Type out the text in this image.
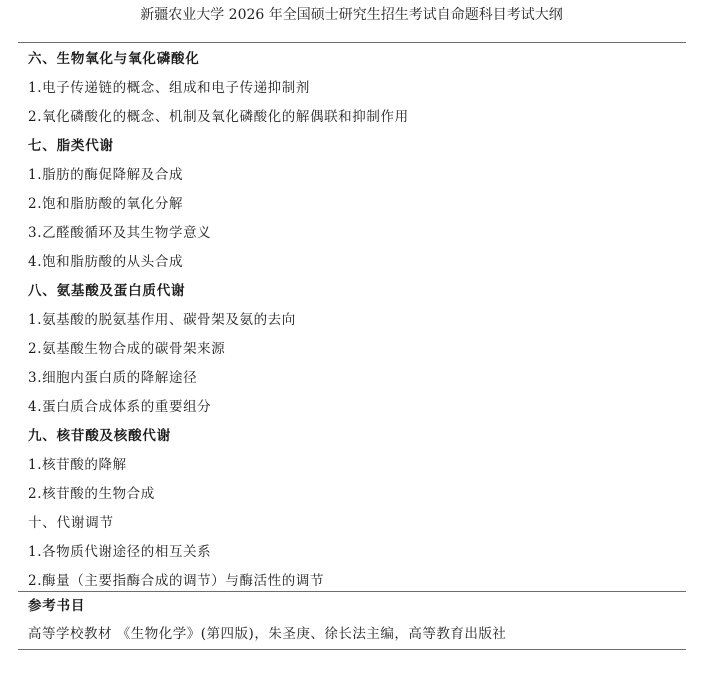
新疆农业大学 2026 年全国硕士研究生招生考试自命题科目考试大纲
六、生物氧化与氧化磷酸化
1.电子传递链的概念、组成和电子传递抑制剂
2.氧化磷酸化的概念、机制及氧化磷酸化的解偶联和抑制作用
七、脂类代谢
1.脂肪的酶促降解及合成
2.饱和脂肪酸的氧化分解
3.乙醛酸循环及其生物学意义
4.饱和脂肪酸的从头合成
八、氨基酸及蛋白质代谢
1.氨基酸的脱氨基作用、碳骨架及氨的去向
2.氨基酸生物合成的碳骨架来源
3.细胞内蛋白质的降解途径
4.蛋白质合成体系的重要组分
九、核苷酸及核酸代谢
1.核苷酸的降解
2.核苷酸的生物合成
十、代谢调节
1.各物质代谢途径的相互关系
2.酶量（主要指酶合成的调节）与酶活性的调节
参考书目
高等学校教材 《生物化学》(第四版)，朱圣庚、徐长法主编，高等教育出版社
